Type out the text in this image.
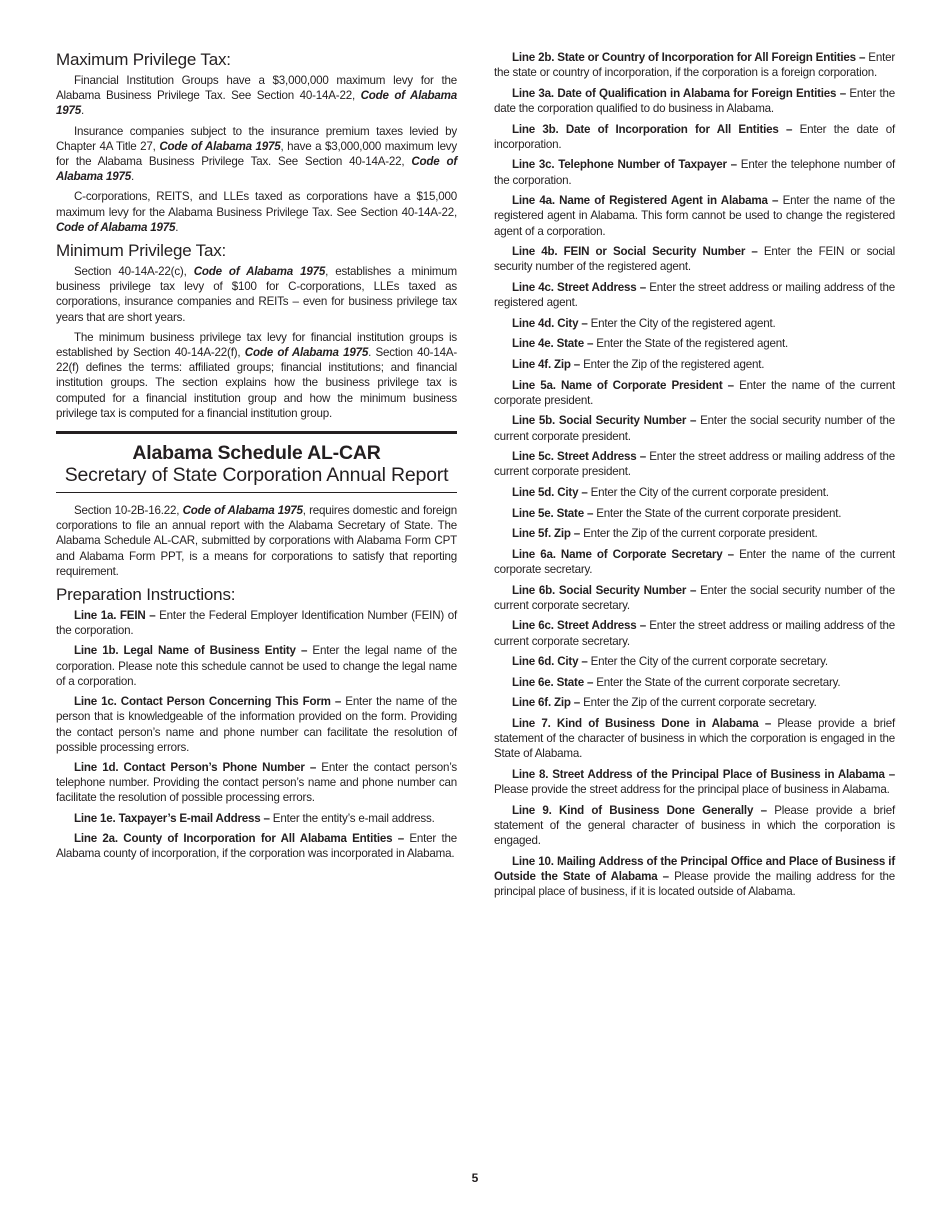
Maximum Privilege Tax:

Financial Institution Groups have a $3,000,000 maximum levy for the Alabama Business Privilege Tax. See Section 40-14A-22, Code of Alabama 1975.

Insurance companies subject to the insurance premium taxes levied by Chapter 4A Title 27, Code of Alabama 1975, have a $3,000,000 maximum levy for the Alabama Business Privilege Tax. See Section 40-14A-22, Code of Alabama 1975.

C-corporations, REITS, and LLEs taxed as corporations have a $15,000 maximum levy for the Alabama Business Privilege Tax. See Section 40-14A-22, Code of Alabama 1975.

Minimum Privilege Tax:

Section 40-14A-22(c), Code of Alabama 1975, establishes a minimum business privilege tax levy of $100 for C-corporations, LLEs taxed as corporations, insurance companies and REITs – even for business privilege tax years that are short years.

The minimum business privilege tax levy for financial institution groups is established by Section 40-14A-22(f), Code of Alabama 1975. Section 40-14A-22(f) defines the terms: affiliated groups; financial institutions; and financial institution groups. The section explains how the business privilege tax is computed for a financial institution group and how the minimum business privilege tax is computed for a financial institution group.

Alabama Schedule AL-CAR
Secretary of State Corporation Annual Report

Section 10-2B-16.22, Code of Alabama 1975, requires domestic and foreign corporations to file an annual report with the Alabama Secretary of State. The Alabama Schedule AL-CAR, submitted by corporations with Alabama Form CPT and Alabama Form PPT, is a means for corporations to satisfy that reporting requirement.

Preparation Instructions:

Line 1a. FEIN – Enter the Federal Employer Identification Number (FEIN) of the corporation.

Line 1b. Legal Name of Business Entity – Enter the legal name of the corporation. Please note this schedule cannot be used to change the legal name of a corporation.

Line 1c. Contact Person Concerning This Form – Enter the name of the person that is knowledgeable of the information provided on the form. Providing the contact person’s name and phone number can facilitate the resolution of possible processing errors.

Line 1d. Contact Person’s Phone Number – Enter the contact person’s telephone number. Providing the contact person’s name and phone number can facilitate the resolution of possible processing errors.

Line 1e. Taxpayer’s E-mail Address – Enter the entity’s e-mail address.

Line 2a. County of Incorporation for All Alabama Entities – Enter the Alabama county of incorporation, if the corporation was incorporated in Alabama.

Line 2b. State or Country of Incorporation for All Foreign Entities – Enter the state or country of incorporation, if the corporation is a foreign corporation.

Line 3a. Date of Qualification in Alabama for Foreign Entities – Enter the date the corporation qualified to do business in Alabama.

Line 3b. Date of Incorporation for All Entities – Enter the date of incorporation.

Line 3c. Telephone Number of Taxpayer – Enter the telephone number of the corporation.

Line 4a. Name of Registered Agent in Alabama – Enter the name of the registered agent in Alabama. This form cannot be used to change the registered agent of a corporation.

Line 4b. FEIN or Social Security Number – Enter the FEIN or social security number of the registered agent.

Line 4c. Street Address – Enter the street address or mailing address of the registered agent.

Line 4d. City – Enter the City of the registered agent.

Line 4e. State – Enter the State of the registered agent.

Line 4f. Zip – Enter the Zip of the registered agent.

Line 5a. Name of Corporate President – Enter the name of the current corporate president.

Line 5b. Social Security Number – Enter the social security number of the current corporate president.

Line 5c. Street Address – Enter the street address or mailing address of the current corporate president.

Line 5d. City – Enter the City of the current corporate president.

Line 5e. State – Enter the State of the current corporate president.

Line 5f. Zip – Enter the Zip of the current corporate president.

Line 6a. Name of Corporate Secretary – Enter the name of the current corporate secretary.

Line 6b. Social Security Number – Enter the social security number of the current corporate secretary.

Line 6c. Street Address – Enter the street address or mailing address of the current corporate secretary.

Line 6d. City – Enter the City of the current corporate secretary.

Line 6e. State – Enter the State of the current corporate secretary.

Line 6f. Zip – Enter the Zip of the current corporate secretary.

Line 7. Kind of Business Done in Alabama – Please provide a brief statement of the character of business in which the corporation is engaged in the State of Alabama.

Line 8. Street Address of the Principal Place of Business in Alabama – Please provide the street address for the principal place of business in Alabama.

Line 9. Kind of Business Done Generally – Please provide a brief statement of the general character of business in which the corporation is engaged.

Line 10. Mailing Address of the Principal Office and Place of Business if Outside the State of Alabama – Please provide the mailing address for the principal place of business, if it is located outside of Alabama.

5
